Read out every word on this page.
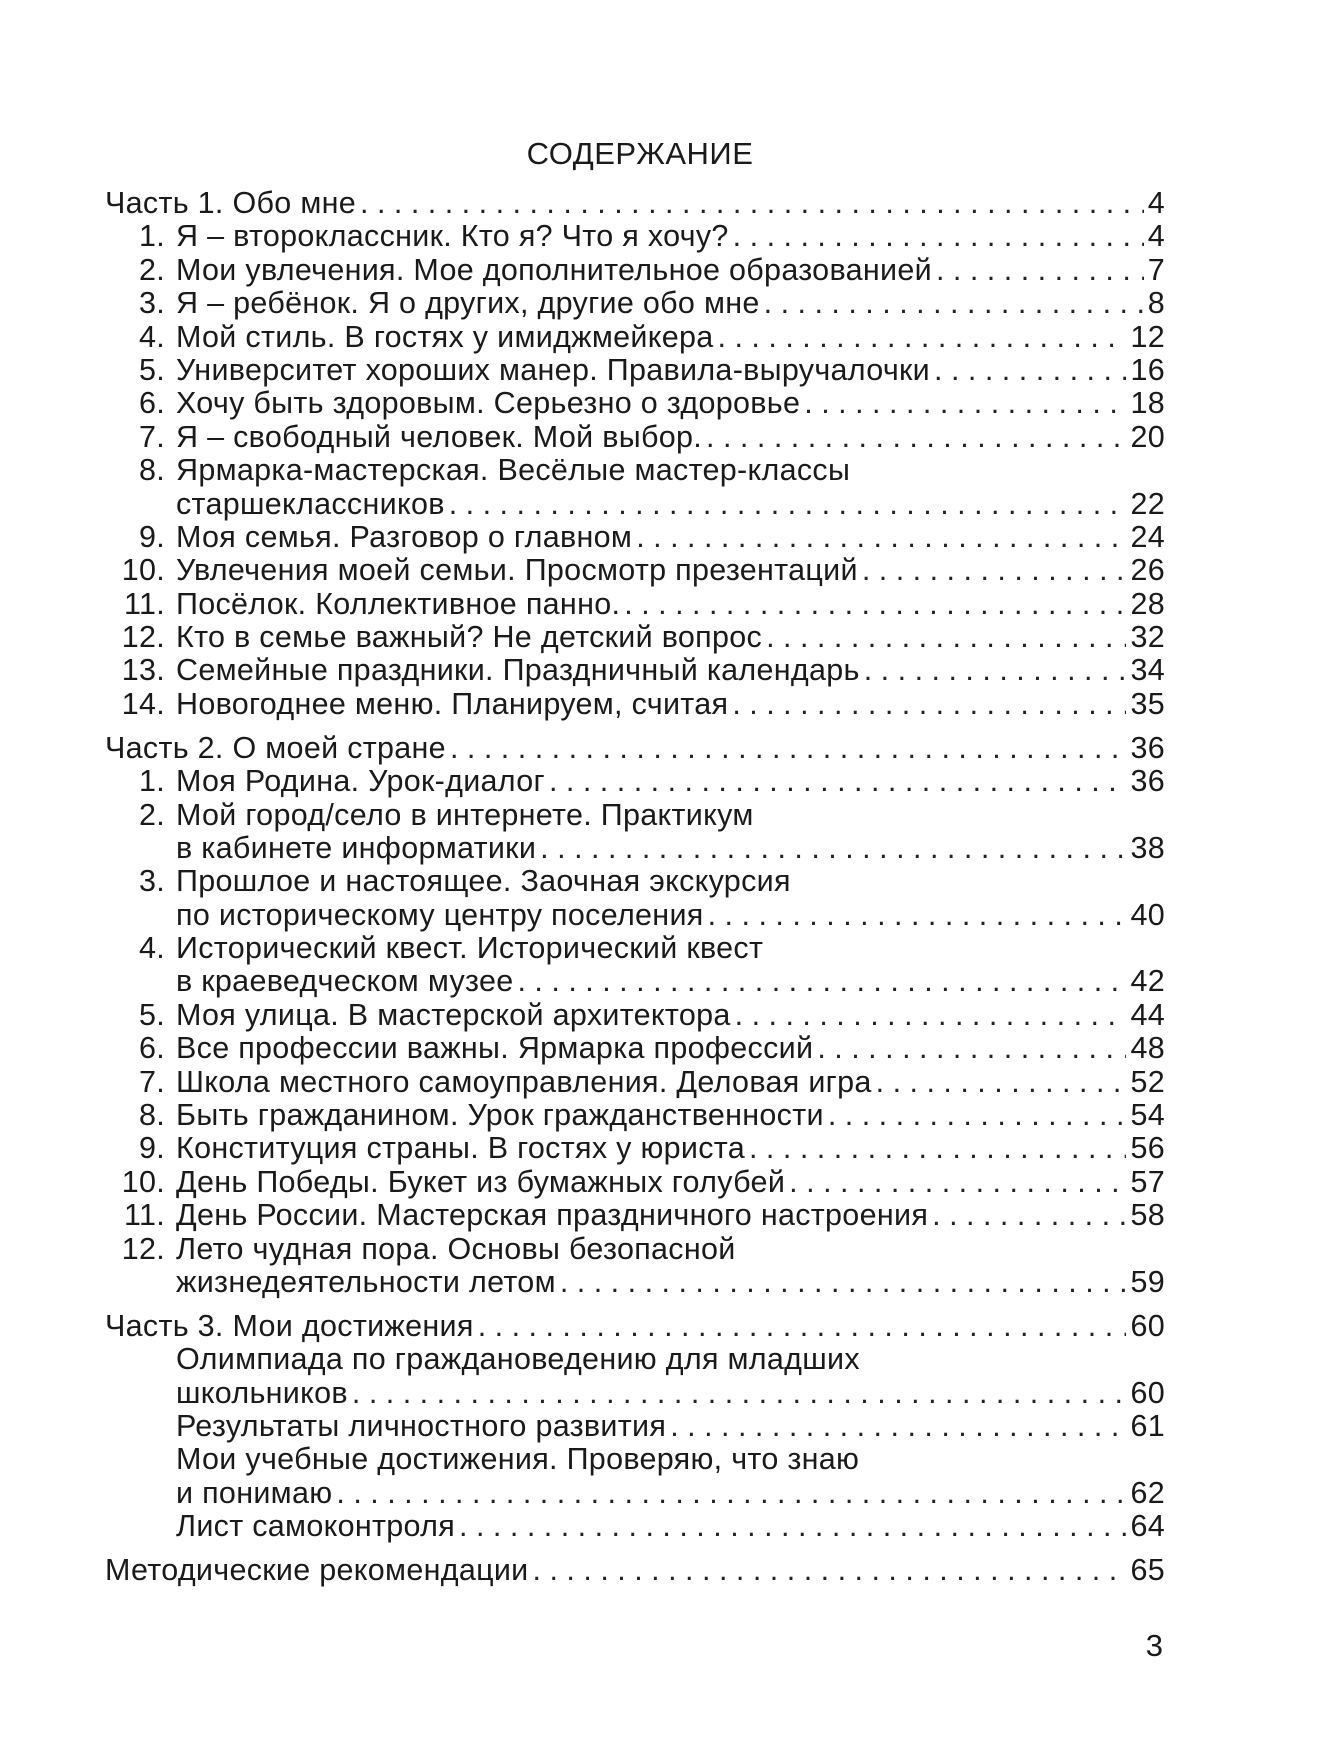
СОДЕРЖАНИЕ
Часть 1. Обо мне . . .	4
1. Я – второклассник. Кто я? Что я хочу? . . .	4
2. Мои увлечения. Мое дополнительное образованией . . .	7
3. Я – ребёнок. Я о других, другие обо мне . . .	8
4. Мой стиль. В гостях у имиджмейкера . . .	12
5. Университет хороших манер. Правила-выручалочки . . .	16
6. Хочу быть здоровым. Серьезно о здоровье . . .	18
7. Я – свободный человек. Мой выбор. . . .	20
8. Ярмарка-мастерская. Весёлые мастер-классы
старшеклассников . . .	22
9. Моя семья. Разговор о главном . . .	24
10. Увлечения моей семьи. Просмотр презентаций . . .	26
11. Посёлок. Коллективное панно. . . .	28
12. Кто в семье важный? Не детский вопрос . . .	32
13. Семейные праздники. Праздничный календарь . . .	34
14. Новогоднее меню. Планируем, считая . . .	35
Часть 2. О моей стране . . .	36
1. Моя Родина. Урок-диалог . . .	36
2. Мой город/село в интернете. Практикум
в кабинете информатики . . .	38
3. Прошлое и настоящее. Заочная экскурсия
по историческому центру поселения . . .	40
4. Исторический квест. Исторический квест
в краеведческом музее . . .	42
5. Моя улица. В мастерской архитектора . . .	44
6. Все профессии важны. Ярмарка профессий . . .	48
7. Школа местного самоуправления. Деловая игра . . .	52
8. Быть гражданином. Урок гражданственности . . .	54
9. Конституция страны. В гостях у юриста . . .	56
10. День Победы. Букет из бумажных голубей . . .	57
11. День России. Мастерская праздничного настроения . . .	58
12. Лето чудная пора. Основы безопасной
жизнедеятельности летом . . .	59
Часть 3. Мои достижения . . .	60
Олимпиада по граждановедению для младших
школьников . . .	60
Результаты личностного развития . . .	61
Мои учебные достижения. Проверяю, что знаю
и понимаю . . .	62
Лист самоконтроля . . .	64
Методические рекомендации . . .	65
3
